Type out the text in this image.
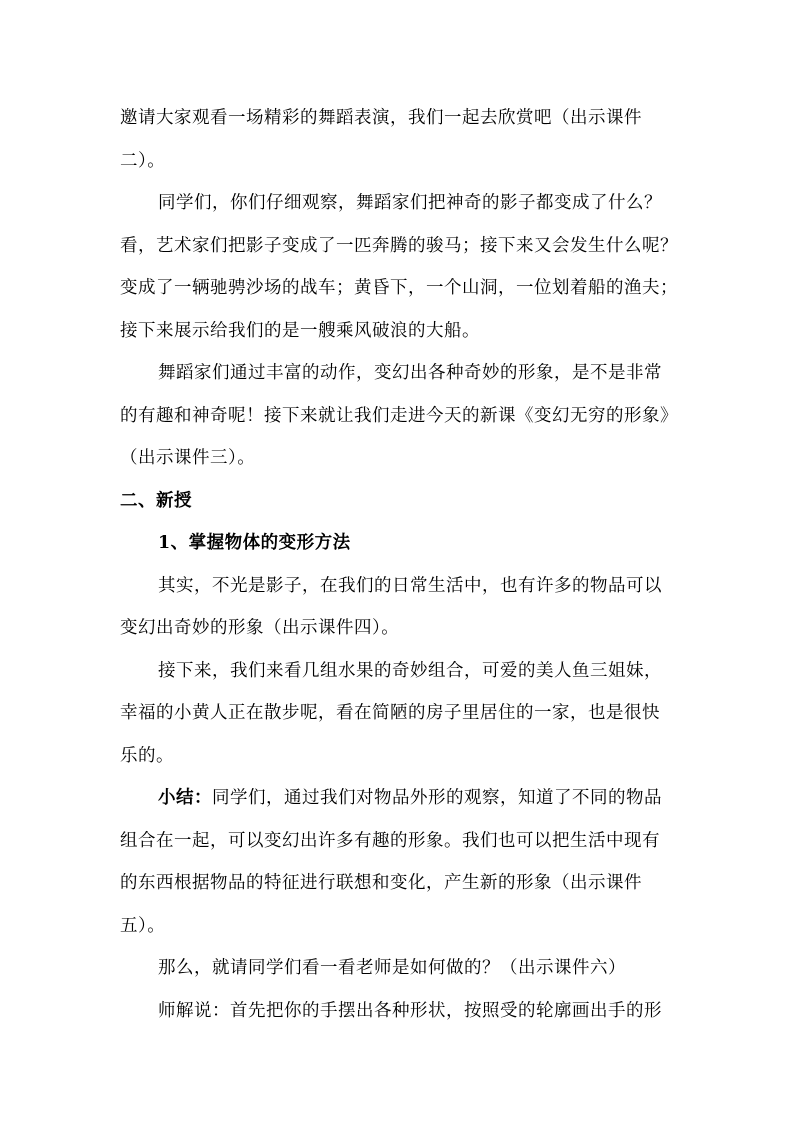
邀请大家观看一场精彩的舞蹈表演，我们一起去欣赏吧（出示课件
二）。
同学们，你们仔细观察，舞蹈家们把神奇的影子都变成了什么？
看，艺术家们把影子变成了一匹奔腾的骏马；接下来又会发生什么呢？
变成了一辆驰骋沙场的战车；黄昏下，一个山洞，一位划着船的渔夫；
接下来展示给我们的是一艘乘风破浪的大船。
舞蹈家们通过丰富的动作，变幻出各种奇妙的形象，是不是非常
的有趣和神奇呢！接下来就让我们走进今天的新课《变幻无穷的形象》
（出示课件三）。
二、新授
1、掌握物体的变形方法
其实，不光是影子，在我们的日常生活中，也有许多的物品可以
变幻出奇妙的形象（出示课件四）。
接下来，我们来看几组水果的奇妙组合，可爱的美人鱼三姐妹，
幸福的小黄人正在散步呢，看在简陋的房子里居住的一家，也是很快
乐的。
小结：同学们，通过我们对物品外形的观察，知道了不同的物品
组合在一起，可以变幻出许多有趣的形象。我们也可以把生活中现有
的东西根据物品的特征进行联想和变化，产生新的形象（出示课件
五）。
那么，就请同学们看一看老师是如何做的？（出示课件六）
师解说：首先把你的手摆出各种形状，按照受的轮廓画出手的形
